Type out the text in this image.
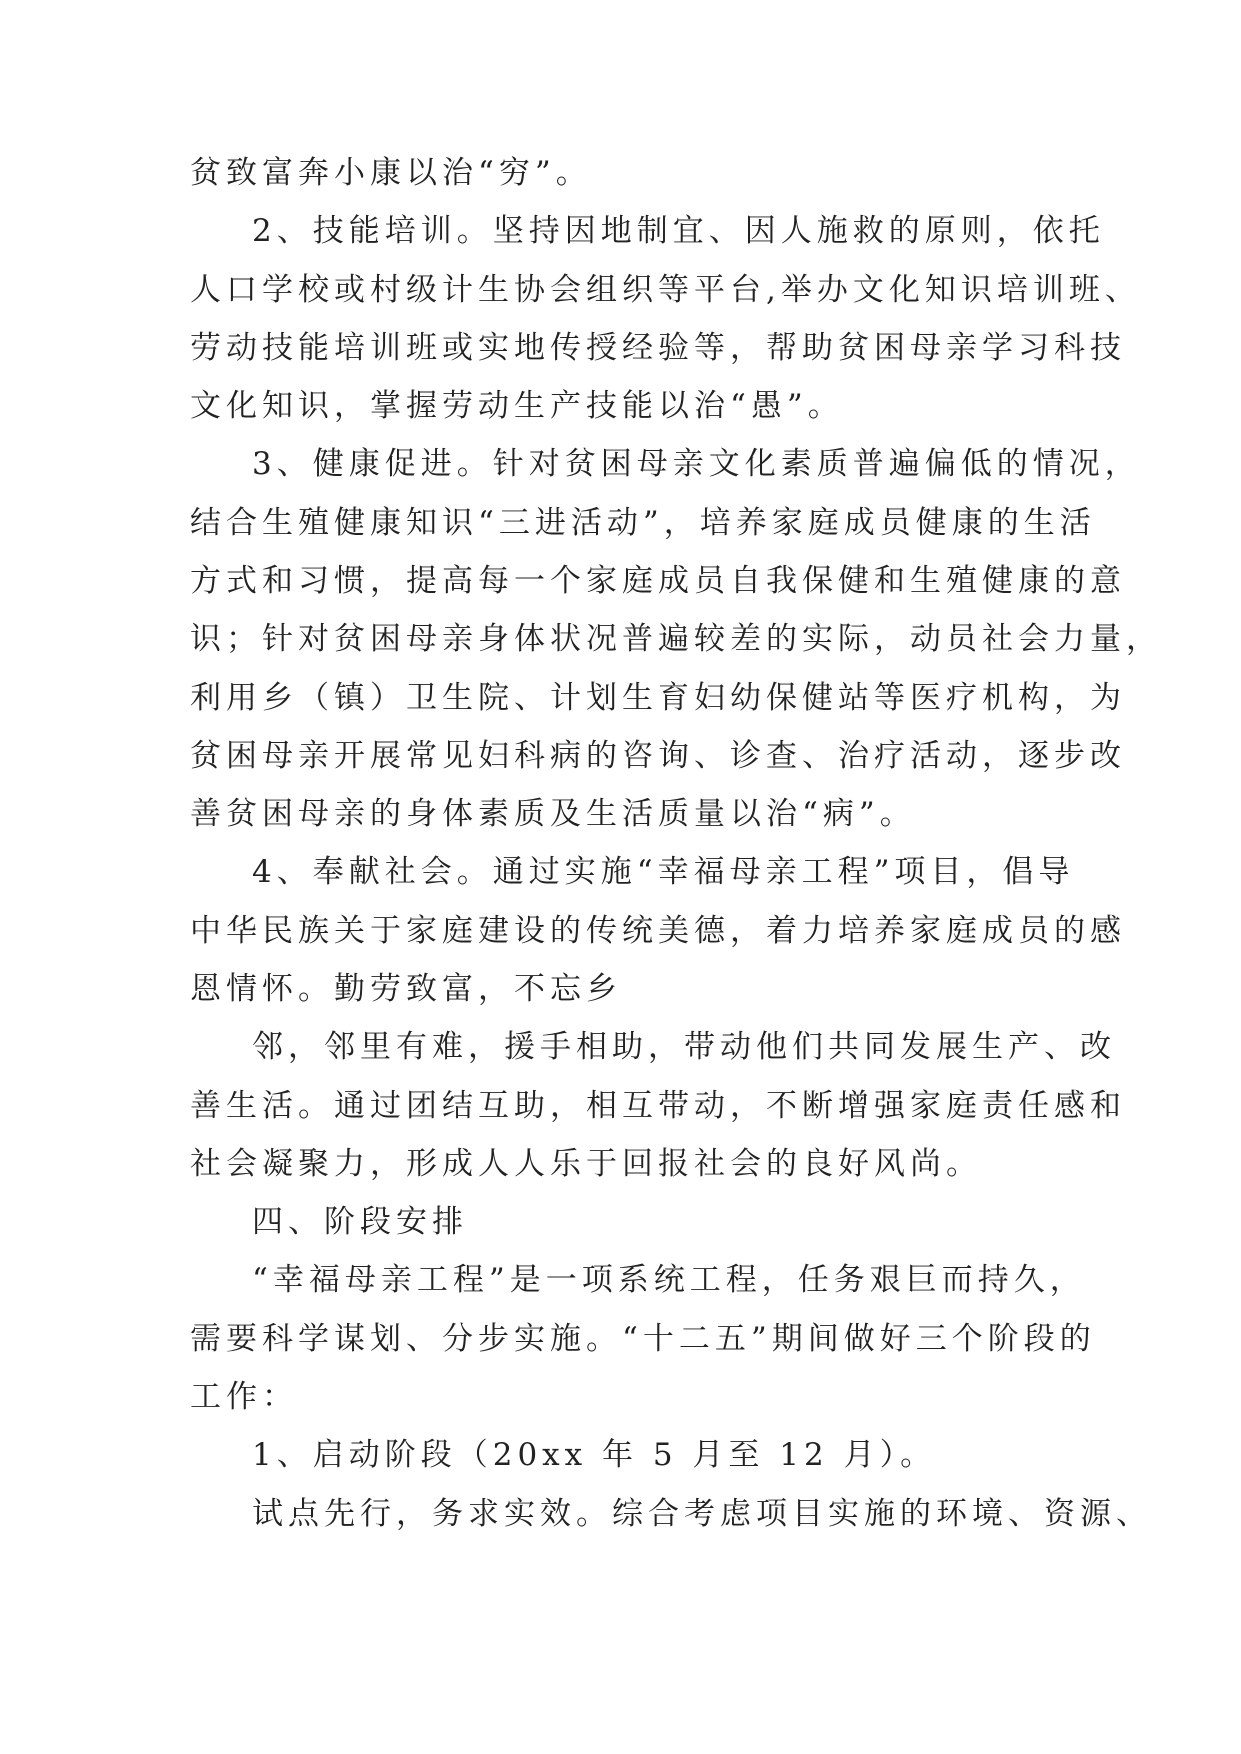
贫致富奔小康以治“穷”。
2、技能培训。坚持因地制宜、因人施救的原则，依托
人口学校或村级计生协会组织等平台,举办文化知识培训班、
劳动技能培训班或实地传授经验等，帮助贫困母亲学习科技
文化知识，掌握劳动生产技能以治“愚”。
3、健康促进。针对贫困母亲文化素质普遍偏低的情况，
结合生殖健康知识“三进活动”，培养家庭成员健康的生活
方式和习惯，提高每一个家庭成员自我保健和生殖健康的意
识；针对贫困母亲身体状况普遍较差的实际，动员社会力量，
利用乡（镇）卫生院、计划生育妇幼保健站等医疗机构，为
贫困母亲开展常见妇科病的咨询、诊查、治疗活动，逐步改
善贫困母亲的身体素质及生活质量以治“病”。
4、奉献社会。通过实施“幸福母亲工程”项目，倡导
中华民族关于家庭建设的传统美德，着力培养家庭成员的感
恩情怀。勤劳致富，不忘乡
邻，邻里有难，援手相助，带动他们共同发展生产、改
善生活。通过团结互助，相互带动，不断增强家庭责任感和
社会凝聚力，形成人人乐于回报社会的良好风尚。
四、阶段安排
“幸福母亲工程”是一项系统工程，任务艰巨而持久，
需要科学谋划、分步实施。“十二五”期间做好三个阶段的
工作：
1、启动阶段（20xx 年 5 月至 12 月）。
试点先行，务求实效。综合考虑项目实施的环境、资源、
